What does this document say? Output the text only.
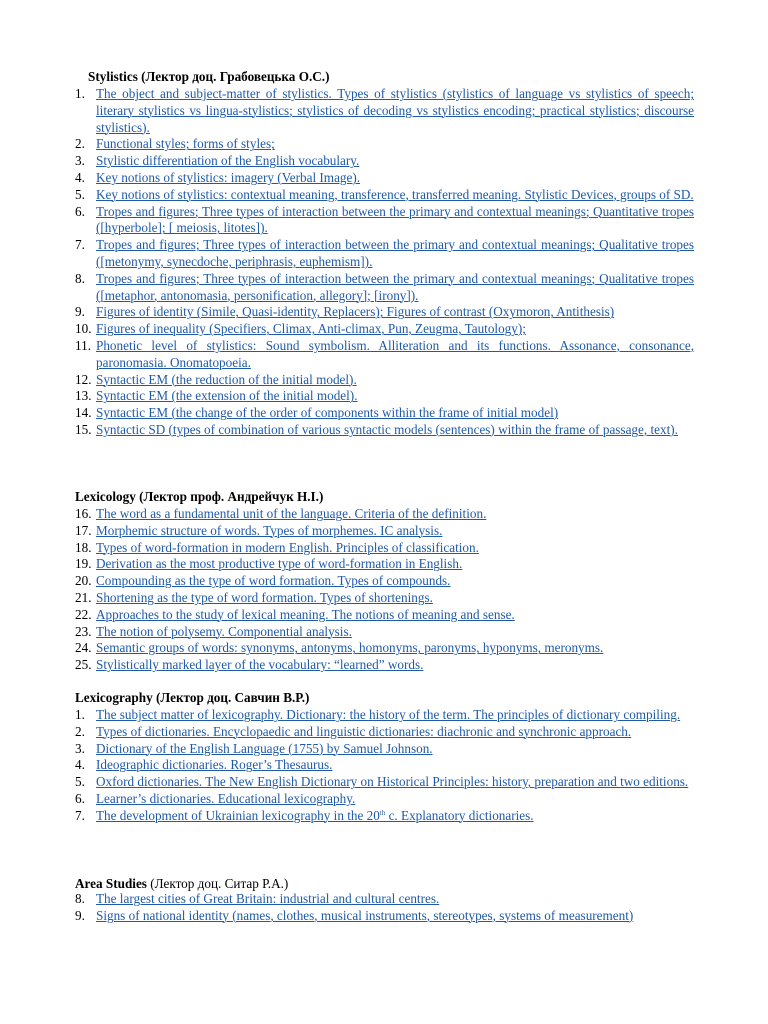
Stylistics (Лектор доц. Грабовецька О.С.)
1. The object and subject-matter of stylistics. Types of stylistics (stylistics of language vs stylistics of speech; literary stylistics vs lingua-stylistics; stylistics of decoding vs stylistics encoding; practical stylistics; discourse stylistics).
2. Functional styles; forms of styles;
3. Stylistic differentiation of the English vocabulary.
4. Key notions of stylistics: imagery (Verbal Image).
5. Key notions of stylistics: contextual meaning, transference, transferred meaning. Stylistic Devices, groups of SD.
6. Tropes and figures; Three types of interaction between the primary and contextual meanings; Quantitative tropes ([hyperbole]; [ meiosis, litotes]).
7. Tropes and figures; Three types of interaction between the primary and contextual meanings; Qualitative tropes ([metonymy, synecdoche, periphrasis, euphemism]).
8. Tropes and figures; Three types of interaction between the primary and contextual meanings; Qualitative tropes ([metaphor, antonomasia, personification, allegory]; [irony]).
9. Figures of identity (Simile, Quasi-identity, Replacers); Figures of contrast (Oxymoron, Antithesis)
10. Figures of inequality (Specifiers, Climax, Anti-climax, Pun, Zeugma, Tautology);
11. Phonetic level of stylistics: Sound symbolism. Alliteration and its functions. Assonance, consonance, paronomasia. Onomatopoeia.
12. Syntactic EM (the reduction of the initial model).
13. Syntactic EM (the extension of the initial model).
14. Syntactic EM (the change of the order of components within the frame of initial model)
15. Syntactic SD (types of combination of various syntactic models (sentences) within the frame of passage, text).
Lexicology (Лектор проф. Андрейчук Н.І.)
16. The word as a fundamental unit of the language. Criteria of the definition.
17. Morphemic structure of words. Types of morphemes. IC analysis.
18. Types of word-formation in modern English. Principles of classification.
19. Derivation as the most productive type of word-formation in English.
20. Compounding as the type of word formation. Types of compounds.
21. Shortening as the type of word formation. Types of shortenings.
22. Approaches to the study of lexical meaning. The notions of meaning and sense.
23. The notion of polysemy. Componential analysis.
24. Semantic groups of words: synonyms, antonyms, homonyms, paronyms, hyponyms, meronyms.
25. Stylistically marked layer of the vocabulary: “learned” words.
Lexicography (Лектор доц. Савчин В.Р.)
1. The subject matter of lexicography. Dictionary: the history of the term. The principles of dictionary compiling.
2. Types of dictionaries. Encyclopaedic and linguistic dictionaries: diachronic and synchronic approach.
3. Dictionary of the English Language (1755) by Samuel Johnson.
4. Ideographic dictionaries. Roger’s Thesaurus.
5. Oxford dictionaries. The New English Dictionary on Historical Principles: history, preparation and two editions.
6. Learner’s dictionaries. Educational lexicography.
7. The development of Ukrainian lexicography in the 20th c. Explanatory dictionaries.
Area Studies (Лектор доц. Ситар Р.А.)
8. The largest cities of Great Britain: industrial and cultural centres.
9. Signs of national identity (names, clothes, musical instruments, stereotypes, systems of measurement)
